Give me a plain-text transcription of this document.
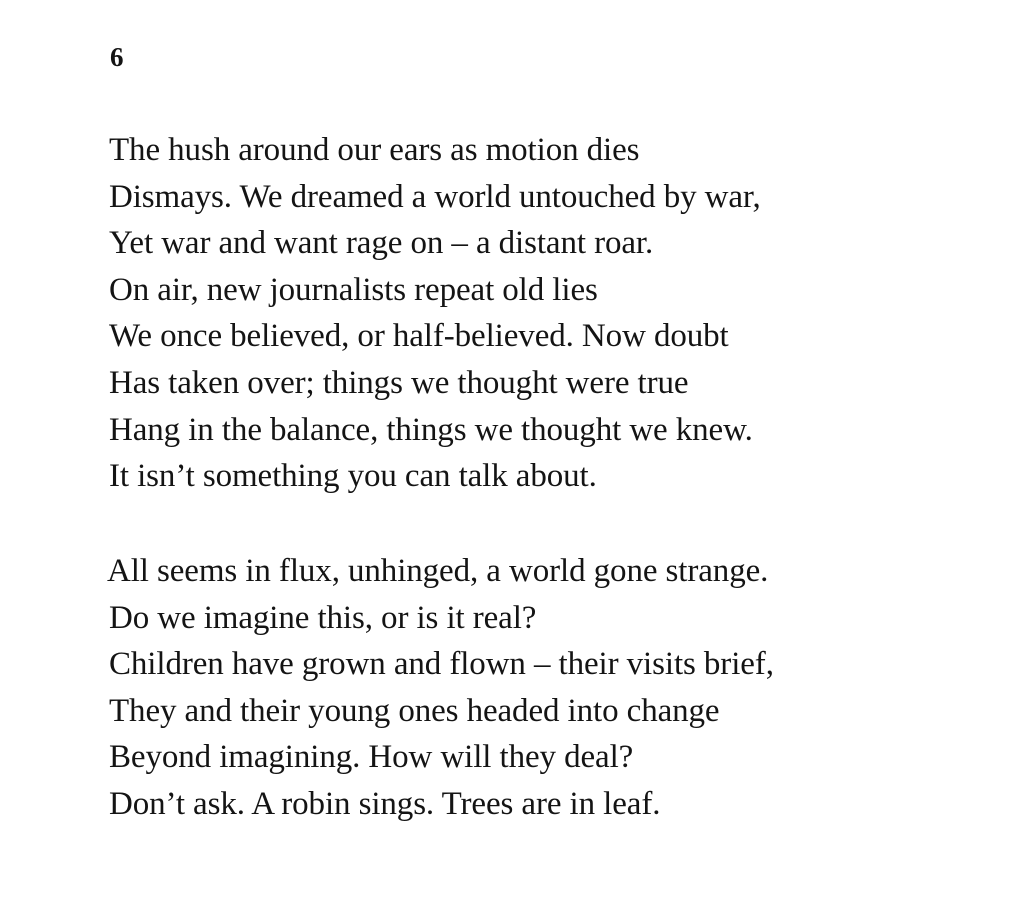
6
The hush around our ears as motion dies
Dismays. We dreamed a world untouched by war,
Yet war and want rage on – a distant roar.
On air, new journalists repeat old lies
We once believed, or half-believed. Now doubt
Has taken over; things we thought were true
Hang in the balance, things we thought we knew.
It isn’t something you can talk about.
All seems in flux, unhinged, a world gone strange.
Do we imagine this, or is it real?
Children have grown and flown – their visits brief,
They and their young ones headed into change
Beyond imagining. How will they deal?
Don’t ask. A robin sings. Trees are in leaf.
